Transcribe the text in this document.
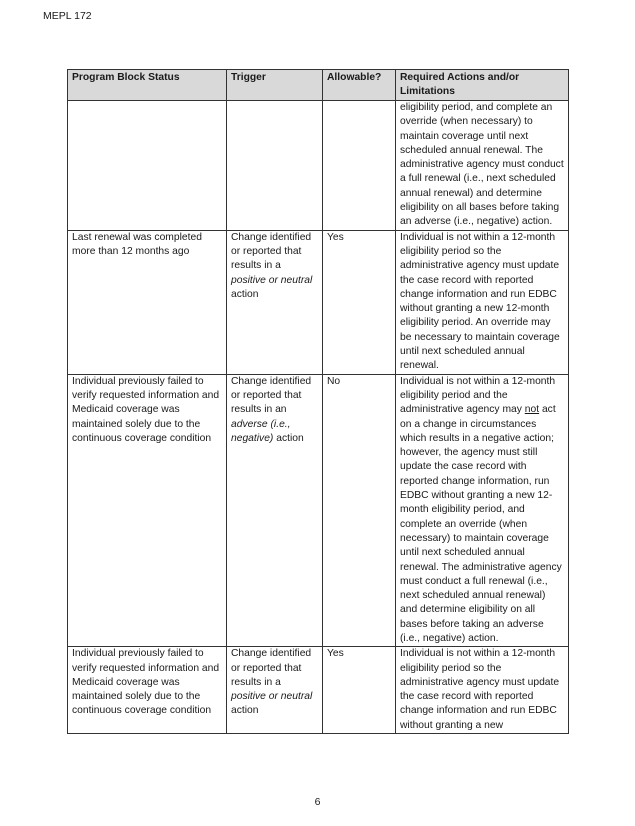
MEPL 172
Program Block Status	Trigger	Allowable?	Required Actions and/or Limitations
			eligibility period, and complete an override (when necessary) to maintain coverage until next scheduled annual renewal. The administrative agency must conduct a full renewal (i.e., next scheduled annual renewal) and determine eligibility on all bases before taking an adverse (i.e., negative) action.
Last renewal was completed more than 12 months ago	Change identified or reported that results in a positive or neutral action	Yes	Individual is not within a 12-month eligibility period so the administrative agency must update the case record with reported change information and run EDBC without granting a new 12-month eligibility period. An override may be necessary to maintain coverage until next scheduled annual renewal.
Individual previously failed to verify requested information and Medicaid coverage was maintained solely due to the continuous coverage condition	Change identified or reported that results in an adverse (i.e., negative) action	No	Individual is not within a 12-month eligibility period and the administrative agency may not act on a change in circumstances which results in a negative action; however, the agency must still update the case record with reported change information, run EDBC without granting a new 12-month eligibility period, and complete an override (when necessary) to maintain coverage until next scheduled annual renewal. The administrative agency must conduct a full renewal (i.e., next scheduled annual renewal) and determine eligibility on all bases before taking an adverse (i.e., negative) action.
Individual previously failed to verify requested information and Medicaid coverage was maintained solely due to the continuous coverage condition	Change identified or reported that results in a positive or neutral action	Yes	Individual is not within a 12-month eligibility period so the administrative agency must update the case record with reported change information and run EDBC without granting a new
6
